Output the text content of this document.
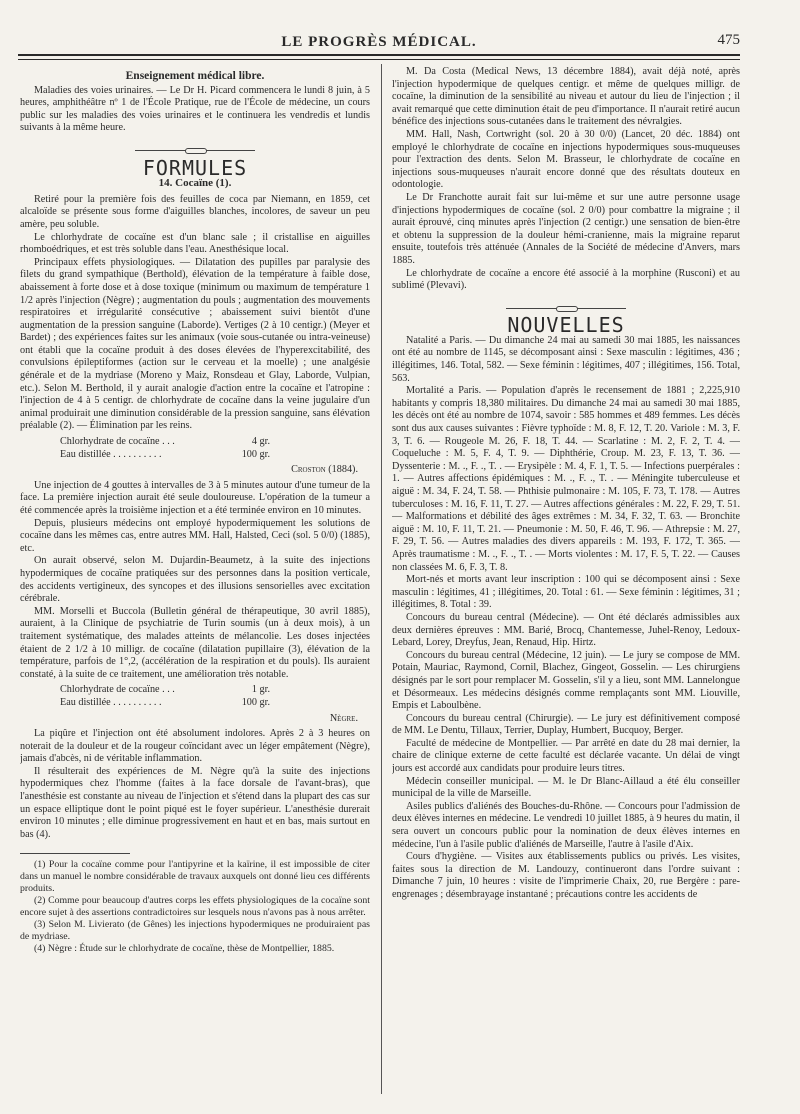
LE PROGRÈS MÉDICAL.	475
Enseignement médical libre.

Maladies des voies urinaires. — Le Dr H. Picard commencera le lundi 8 juin, à 5 heures, amphithéâtre nº 1 de l'École Pratique, rue de l'École de médecine, un cours public sur les maladies des voies urinaires et le continuera les vendredis et lundis suivants à la même heure.

FORMULES
14. Cocaïne (1).

Retiré pour la première fois des feuilles de coca par Niemann, en 1859, cet alcaloïde se présente sous forme d'aiguilles blanches, incolores, de saveur un peu amère, peu soluble.

Le chlorhydrate de cocaïne est d'un blanc sale ; il cristallise en aiguilles rhomboédriques, et est très soluble dans l'eau. Anesthésique local.

Principaux effets physiologiques. — Dilatation des pupilles par paralysie des filets du grand sympathique (Berthold), élévation de la température à faible dose, abaissement à forte dose et à dose toxique (minimum ou maximum de température 1 1/2 après l'injection (Nègre) ; augmentation du pouls ; augmentation des mouvements respiratoires et irrégularité consécutive ; abaissement suivi bientôt d'une augmentation de la pression sanguine (Laborde). Vertiges (2 à 10 centigr.) (Meyer et Bardet) ; des expériences faites sur les animaux (voie sous-cutanée ou intra-veineuse) ont établi que la cocaïne produit à des doses élevées de l'hyperexcitabilité, des convulsions épileptiformes (action sur le cerveau et la moelle) ; une analgésie générale et de la mydriase (Moreno y Maiz, Ronsdeau et Glay, Laborde, Vulpian, etc.). Selon M. Berthold, il y aurait analogie d'action entre la cocaïne et l'atropine : l'injection de 4 à 5 centigr. de chlorhydrate de cocaïne dans la veine jugulaire d'un animal produirait une diminution considérable de la pression sanguine, sans élévation préalable (2). — Élimination par les reins.

Chlorhydrate de cocaïne . . .	4 gr.
Eau distillée . . . . . . . . . .	100 gr.
Croston (1884).

Une injection de 4 gouttes à intervalles de 3 à 5 minutes autour d'une tumeur de la face. La première injection aurait été seule douloureuse. L'opération de la tumeur a été commencée après la troisième injection et a été terminée environ en 10 minutes.

Depuis, plusieurs médecins ont employé hypodermiquement les solutions de cocaïne dans les mêmes cas, entre autres MM. Hall, Halsted, Ceci (sol. 5 0/0) (1885), etc.

On aurait observé, selon M. Dujardin-Beaumetz, à la suite des injections hypodermiques de cocaïne pratiquées sur des personnes dans la position verticale, des accidents vertigineux, des syncopes et des illusions sensorielles avec excitation cérébrale.

MM. Morselli et Buccola (Bulletin général de thérapeutique, 30 avril 1885), auraient, à la Clinique de psychiatrie de Turin soumis (un à deux mois), à un traitement systématique, des malades atteints de mélancolie. Les doses injectées étaient de 2 1/2 à 10 milligr. de cocaïne (dilatation pupillaire (3), élévation de la température, parfois de 1°,2, (accélération de la respiration et du pouls). Ils auraient constaté, à la suite de ce traitement, une amélioration très notable.

Chlorhydrate de cocaïne . . .	1 gr.
Eau distillée . . . . . . . . . .	100 gr.
Nègre.

La piqûre et l'injection ont été absolument indolores. Après 2 à 3 heures on noterait de la douleur et de la rougeur coïncidant avec un léger empâtement (Nègre), jamais d'abcès, ni de véritable inflammation.

Il résulterait des expériences de M. Nègre qu'à la suite des injections hypodermiques chez l'homme (faites à la face dorsale de l'avant-bras), que l'anesthésie est constante au niveau de l'injection et s'étend dans la plupart des cas sur un espace elliptique dont le point piqué est le foyer supérieur. L'anesthésie durerait environ 10 minutes ; elle diminue progressivement en haut et en bas, mais surtout en bas (4).

(1) Pour la cocaïne comme pour l'antipyrine et la kaïrine, il est impossible de citer dans un manuel le nombre considérable de travaux auxquels ont donné lieu ces différents produits.

(2) Comme pour beaucoup d'autres corps les effets physiologiques de la cocaïne sont encore sujet à des assertions contradictoires sur lesquels nous n'avons pas à nous arrêter.

(3) Selon M. Livierato (de Gênes) les injections hypodermiques ne produiraient pas de mydriase.

(4) Nègre : Étude sur le chlorhydrate de cocaïne, thèse de Montpellier, 1885.

M. Da Costa (Medical News, 13 décembre 1884), avait déjà noté, après l'injection hypodermique de quelques centigr. et même de quelques milligr. de cocaïne, la diminution de la sensibilité au niveau et autour du lieu de l'injection ; il avait remarqué que cette diminution était de peu d'importance. Il n'aurait retiré aucun bénéfice des injections sous-cutanées dans le traitement des névralgies.

MM. Hall, Nash, Cortwright (sol. 20 à 30 0/0) (Lancet, 20 déc. 1884) ont employé le chlorhydrate de cocaïne en injections hypodermiques sous-muqueuses pour l'extraction des dents. Selon M. Brasseur, le chlorhydrate de cocaïne en injections sous-muqueuses n'aurait encore donné que des résultats douteux en odontologie.

Le Dr Franchotte aurait fait sur lui-même et sur une autre personne usage d'injections hypodermiques de cocaïne (sol. 2 0/0) pour combattre la migraine ; il aurait éprouvé, cinq minutes après l'injection (2 centigr.) une sensation de bien-être et obtenu la suppression de la douleur hémi-cranienne, mais la migraine reparut ensuite, toutefois très atténuée (Annales de la Société de médecine d'Anvers, mars 1885.

Le chlorhydrate de cocaïne a encore été associé à la morphine (Rusconi) et au sublimé (Plevavi).

NOUVELLES

Natalité a Paris. — Du dimanche 24 mai au samedi 30 mai 1885, les naissances ont été au nombre de 1145, se décomposant ainsi : Sexe masculin : légitimes, 436 ; illégitimes, 146. Total, 582. — Sexe féminin : légitimes, 407 ; illégitimes, 156. Total, 563.

Mortalité a Paris. — Population d'après le recensement de 1881 ; 2,225,910 habitants y compris 18,380 militaires. Du dimanche 24 mai au samedi 30 mai 1885, les décès ont été au nombre de 1074, savoir : 585 hommes et 489 femmes. Les décès sont dus aux causes suivantes : Fièvre typhoïde : M. 8, F. 12, T. 20. Variole : M. 3, F. 3, T. 6. — Rougeole M. 26, F. 18, T. 44. — Scarlatine : M. 2, F. 2, T. 4. — Coqueluche : M. 5, F. 4, T. 9. — Diphthérie, Croup. M. 23, F. 13, T. 36. — Dyssenterie : M. ., F. ., T. . — Erysipèle : M. 4, F. 1, T. 5. — Infections puerpérales : 1. — Autres affections épidémiques : M. ., F. ., T. . — Méningite tuberculeuse et aiguë : M. 34, F. 24, T. 58. — Phthisie pulmonaire : M. 105, F. 73, T. 178. — Autres tuberculoses : M. 16, F. 11, T. 27. — Autres affections générales : M. 22, F. 29, T. 51. — Malformations et débilité des âges extrêmes : M. 34, F. 32, T. 63. — Bronchite aiguë : M. 10, F. 11, T. 21. — Pneumonie : M. 50, F. 46, T. 96. — Athrepsie : M. 27, F. 29, T. 56. — Autres maladies des divers appareils : M. 193, F. 172, T. 365. — Après traumatisme : M. ., F. ., T. . — Morts violentes : M. 17, F. 5, T. 22. — Causes non classées M. 6, F. 3, T. 8.

Mort-nés et morts avant leur inscription : 100 qui se décomposent ainsi : Sexe masculin : légitimes, 41 ; illégitimes, 20. Total : 61. — Sexe féminin : légitimes, 31 ; illégitimes, 8. Total : 39.

Concours du bureau central (Médecine). — Ont été déclarés admissibles aux deux dernières épreuves : MM. Barié, Brocq, Chantemesse, Juhel-Renoy, Ledoux-Lebard, Lorey, Dreyfus, Jean, Renaud, Hip. Hirtz.

Concours du bureau central (Médecine, 12 juin). — Le jury se compose de MM. Potain, Mauriac, Raymond, Cornil, Blachez, Gingeot, Gosselin. — Les chirurgiens désignés par le sort pour remplacer M. Gosselin, s'il y a lieu, sont MM. Lannelongue et Désormeaux. Les médecins désignés comme remplaçants sont MM. Liouville, Empis et Laboulbène.

Concours du bureau central (Chirurgie). — Le jury est définitivement composé de MM. Le Dentu, Tillaux, Terrier, Duplay, Humbert, Bucquoy, Berger.

Faculté de médecine de Montpellier. — Par arrêté en date du 28 mai dernier, la chaire de clinique externe de cette faculté est déclarée vacante. Un délai de vingt jours est accordé aux candidats pour produire leurs titres.

Médecin conseiller municipal. — M. le Dr Blanc-Aillaud a été élu conseiller municipal de la ville de Marseille.

Asiles publics d'aliénés des Bouches-du-Rhône. — Concours pour l'admission de deux élèves internes en médecine. Le vendredi 10 juillet 1885, à 9 heures du matin, il sera ouvert un concours public pour la nomination de deux élèves internes en médecine, l'un à l'asile public d'aliénés de Marseille, l'autre à l'asile d'Aix.

Cours d'hygiène. — Visites aux établissements publics ou privés. Les visites, faites sous la direction de M. Landouzy, continueront dans l'ordre suivant : Dimanche 7 juin, 10 heures : visite de l'imprimerie Chaix, 20, rue Bergère : pare-engrenages ; désembrayage instantané ; précautions contre les accidents de
